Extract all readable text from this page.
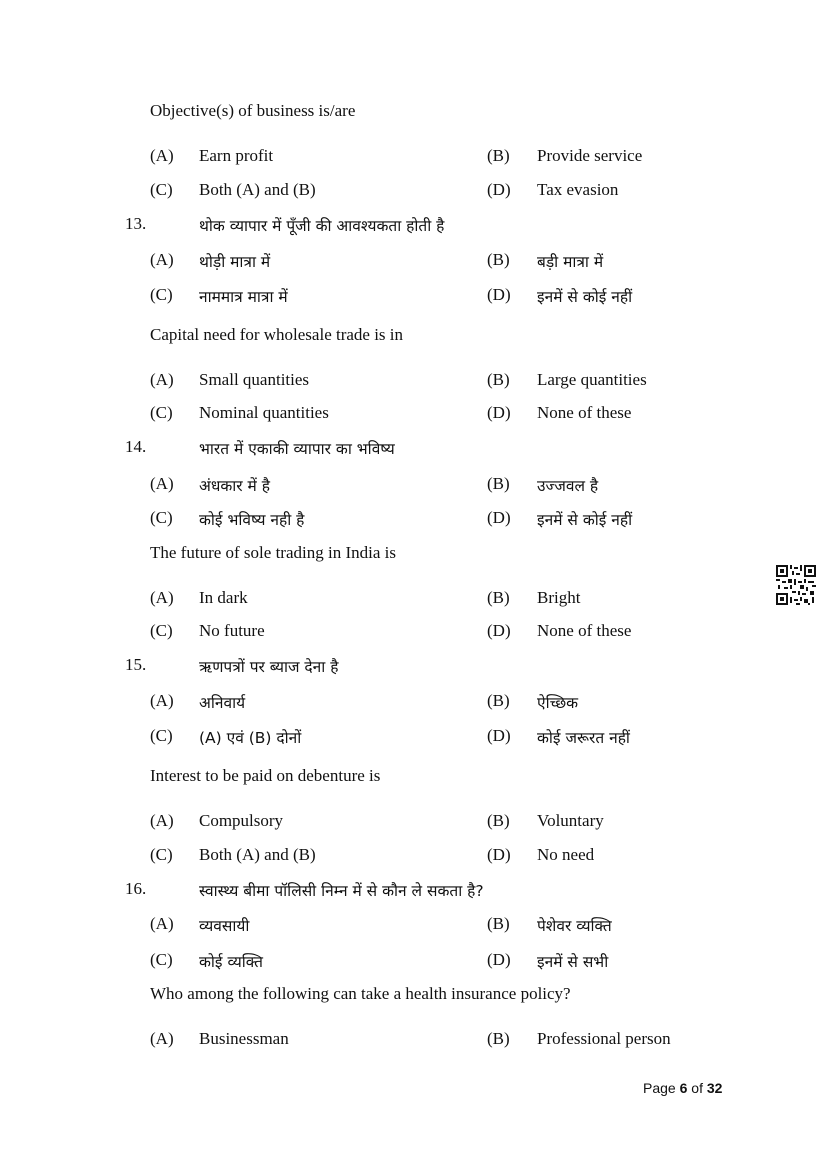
Objective(s) of business is/are
(A) Earn profit	(B) Provide service
(C) Both (A) and (B)	(D) Tax evasion
13.	थोक व्यापार में पूँजी की आवश्यकता होती है
(A) थोड़ी मात्रा में	(B) बड़ी मात्रा में
(C) नाममात्र मात्रा में	(D) इनमें से कोई नहीं
Capital need for wholesale trade is in
(A) Small quantities	(B) Large quantities
(C) Nominal quantities	(D) None of these
14.	भारत में एकाकी व्यापार का भविष्य
(A) अंधकार में है	(B) उज्जवल है
(C) कोई भविष्य नही है	(D) इनमें से कोई नहीं
The future of sole trading in India is
(A) In dark	(B) Bright
(C) No future	(D) None of these
15.	ऋणपत्रों पर ब्याज देना है
(A) अनिवार्य	(B) ऐच्छिक
(C) (A) एवं (B) दोनों	(D) कोई जरूरत नहीं
Interest to be paid on debenture is
(A) Compulsory	(B) Voluntary
(C) Both (A) and (B)	(D) No need
16.	स्वास्थ्य बीमा पॉलिसी निम्न में से कौन ले सकता है?
(A) व्यवसायी	(B) पेशेवर व्यक्ति
(C) कोई व्यक्ति	(D) इनमें से सभी
Who among the following can take a health insurance policy?
(A) Businessman	(B) Professional person
Page 6 of 32
